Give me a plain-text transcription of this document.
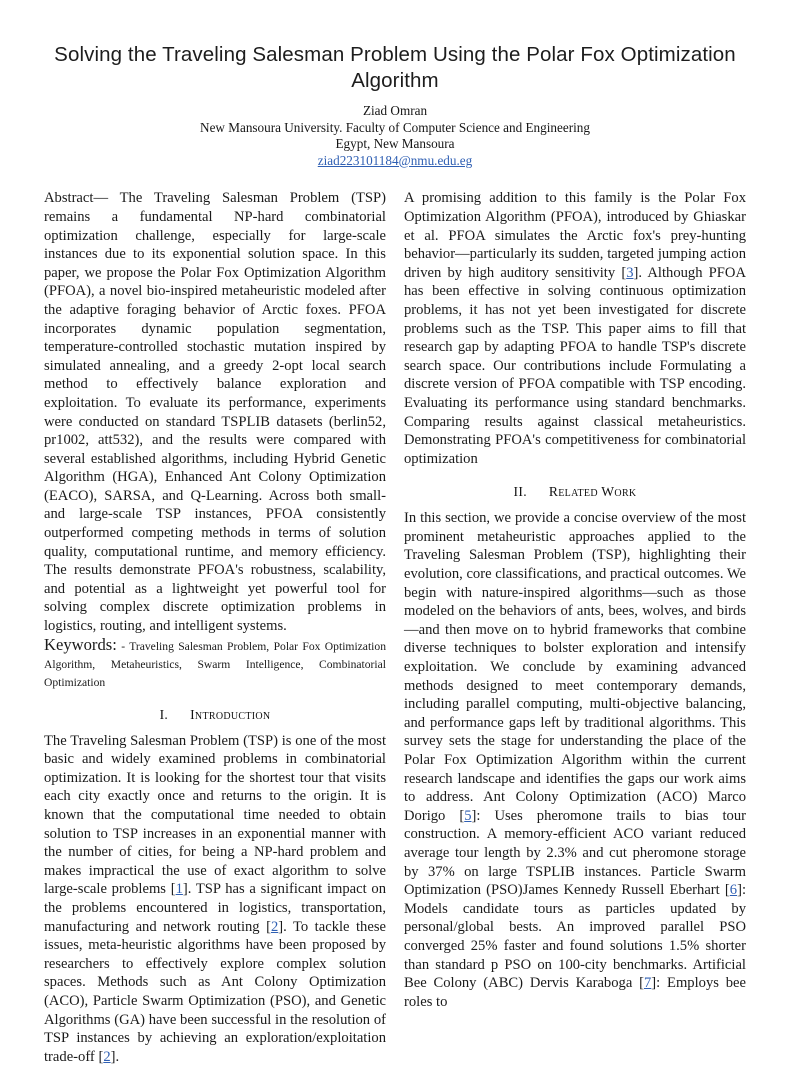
Solving the Traveling Salesman Problem Using the Polar Fox Optimization Algorithm
Ziad Omran
New Mansoura University. Faculty of Computer Science and Engineering
Egypt, New Mansoura
ziad223101184@nmu.edu.eg

Abstract— The Traveling Salesman Problem (TSP) remains a fundamental NP-hard combinatorial optimization challenge, especially for large-scale instances due to its exponential solution space. In this paper, we propose the Polar Fox Optimization Algorithm (PFOA), a novel bio-inspired metaheuristic modeled after the adaptive foraging behavior of Arctic foxes. PFOA incorporates dynamic population segmentation, temperature-controlled stochastic mutation inspired by simulated annealing, and a greedy 2-opt local search method to effectively balance exploration and exploitation. To evaluate its performance, experiments were conducted on standard TSPLIB datasets (berlin52, pr1002, att532), and the results were compared with several established algorithms, including Hybrid Genetic Algorithm (HGA), Enhanced Ant Colony Optimization (EACO), SARSA, and Q-Learning. Across both small- and large-scale TSP instances, PFOA consistently outperformed competing methods in terms of solution quality, computational runtime, and memory efficiency. The results demonstrate PFOA's robustness, scalability, and potential as a lightweight yet powerful tool for solving complex discrete optimization problems in logistics, routing, and intelligent systems.

Keywords: - Traveling Salesman Problem, Polar Fox Optimization Algorithm, Metaheuristics, Swarm Intelligence, Combinatorial Optimization

I. Introduction

The Traveling Salesman Problem (TSP) is one of the most basic and widely examined problems in combinatorial optimization. It is looking for the shortest tour that visits each city exactly once and returns to the origin. It is known that the computational time needed to obtain solution to TSP increases in an exponential manner with the number of cities, for being a NP-hard problem and makes impractical the use of exact algorithm to solve large-scale problems [1]. TSP has a significant impact on the problems encountered in logistics, transportation, manufacturing and network routing [2]. To tackle these issues, meta-heuristic algorithms have been proposed by researchers to effectively explore complex solution spaces. Methods such as Ant Colony Optimization (ACO), Particle Swarm Optimization (PSO), and Genetic Algorithms (GA) have been successful in the resolution of TSP instances by achieving an exploration/exploitation trade-off [2].

A promising addition to this family is the Polar Fox Optimization Algorithm (PFOA), introduced by Ghiaskar et al. PFOA simulates the Arctic fox's prey-hunting behavior—particularly its sudden, targeted jumping action driven by high auditory sensitivity [3]. Although PFOA has been effective in solving continuous optimization problems, it has not yet been investigated for discrete problems such as the TSP. This paper aims to fill that research gap by adapting PFOA to handle TSP's discrete search space. Our contributions include Formulating a discrete version of PFOA compatible with TSP encoding. Evaluating its performance using standard benchmarks. Comparing results against classical metaheuristics. Demonstrating PFOA's competitiveness for combinatorial optimization

II. Related Work

In this section, we provide a concise overview of the most prominent metaheuristic approaches applied to the Traveling Salesman Problem (TSP), highlighting their evolution, core classifications, and practical outcomes. We begin with nature-inspired algorithms—such as those modeled on the behaviors of ants, bees, wolves, and birds—and then move on to hybrid frameworks that combine diverse techniques to bolster exploration and intensify exploitation. We conclude by examining advanced methods designed to meet contemporary demands, including parallel computing, multi-objective balancing, and performance gaps left by traditional algorithms. This survey sets the stage for understanding the place of the Polar Fox Optimization Algorithm within the current research landscape and identifies the gaps our work aims to address. Ant Colony Optimization (ACO) Marco Dorigo [5]: Uses pheromone trails to bias tour construction. A memory-efficient ACO variant reduced average tour length by 2.3% and cut pheromone storage by 37% on large TSPLIB instances. Particle Swarm Optimization (PSO)James Kennedy Russell Eberhart [6]: Models candidate tours as particles updated by personal/global bests. An improved parallel PSO converged 25% faster and found solutions 1.5% shorter than standard p PSO on 100-city benchmarks. Artificial Bee Colony (ABC) Dervis Karaboga [7]: Employs bee roles to
